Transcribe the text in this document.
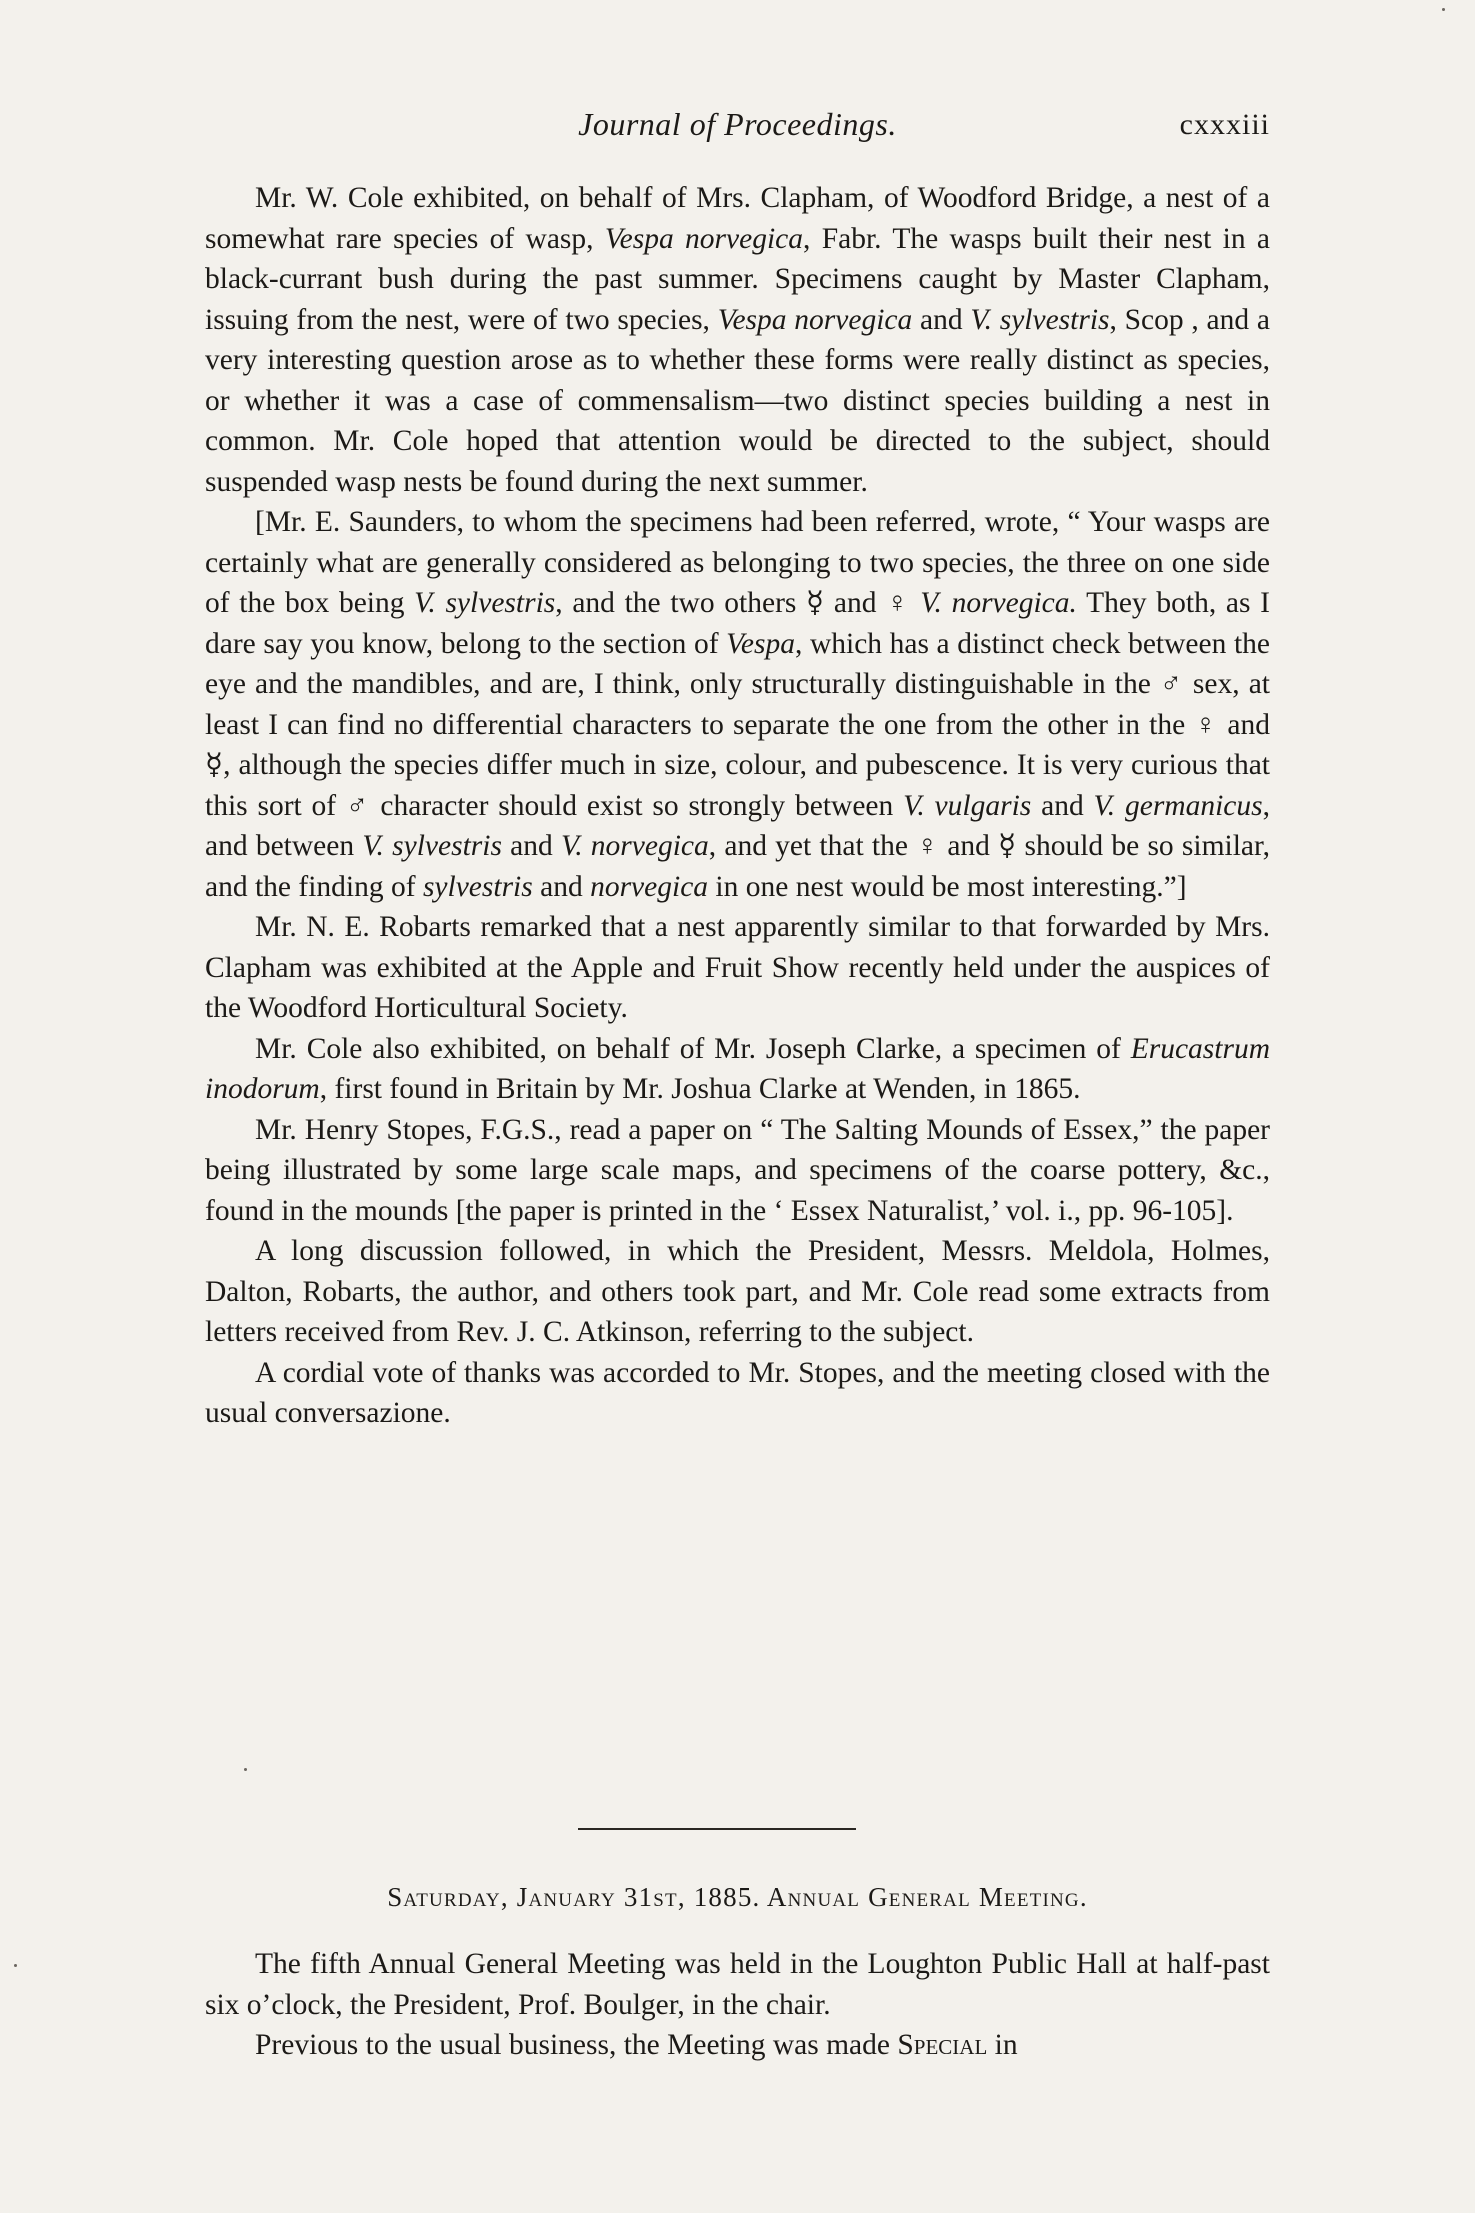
Journal of Proceedings.	cxxxiii

Mr. W. Cole exhibited, on behalf of Mrs. Clapham, of Woodford Bridge, a nest of a somewhat rare species of wasp, Vespa norvegica, Fabr. The wasps built their nest in a black-currant bush during the past summer. Specimens caught by Master Clapham, issuing from the nest, were of two species, Vespa norvegica and V. sylvestris, Scop , and a very interesting question arose as to whether these forms were really distinct as species, or whether it was a case of commensalism—two distinct species building a nest in common. Mr. Cole hoped that attention would be directed to the subject, should suspended wasp nests be found during the next summer.

[Mr. E. Saunders, to whom the specimens had been referred, wrote, “ Your wasps are certainly what are generally considered as belonging to two species, the three on one side of the box being V. sylvestris, and the two others ☿ and ♀ V. norvegica. They both, as I dare say you know, belong to the section of Vespa, which has a distinct check between the eye and the mandibles, and are, I think, only structurally distinguishable in the ♂ sex, at least I can find no differential characters to separate the one from the other in the ♀ and ☿, although the species differ much in size, colour, and pubescence. It is very curious that this sort of ♂ character should exist so strongly between V. vulgaris and V. germanicus, and between V. sylvestris and V. norvegica, and yet that the ♀ and ☿ should be so similar, and the finding of sylvestris and norvegica in one nest would be most interesting.”]

Mr. N. E. Robarts remarked that a nest apparently similar to that forwarded by Mrs. Clapham was exhibited at the Apple and Fruit Show recently held under the auspices of the Woodford Horticultural Society.

Mr. Cole also exhibited, on behalf of Mr. Joseph Clarke, a specimen of Erucastrum inodorum, first found in Britain by Mr. Joshua Clarke at Wenden, in 1865.

Mr. Henry Stopes, F.G.S., read a paper on “ The Salting Mounds of Essex,” the paper being illustrated by some large scale maps, and specimens of the coarse pottery, &c., found in the mounds [the paper is printed in the ‘ Essex Naturalist,’ vol. i., pp. 96-105].

A long discussion followed, in which the President, Messrs. Meldola, Holmes, Dalton, Robarts, the author, and others took part, and Mr. Cole read some extracts from letters received from Rev. J. C. Atkinson, referring to the subject.

A cordial vote of thanks was accorded to Mr. Stopes, and the meeting closed with the usual conversazione.

Saturday, January 31st, 1885. Annual General Meeting.

The fifth Annual General Meeting was held in the Loughton Public Hall at half-past six o’clock, the President, Prof. Boulger, in the chair.

Previous to the usual business, the Meeting was made Special in
